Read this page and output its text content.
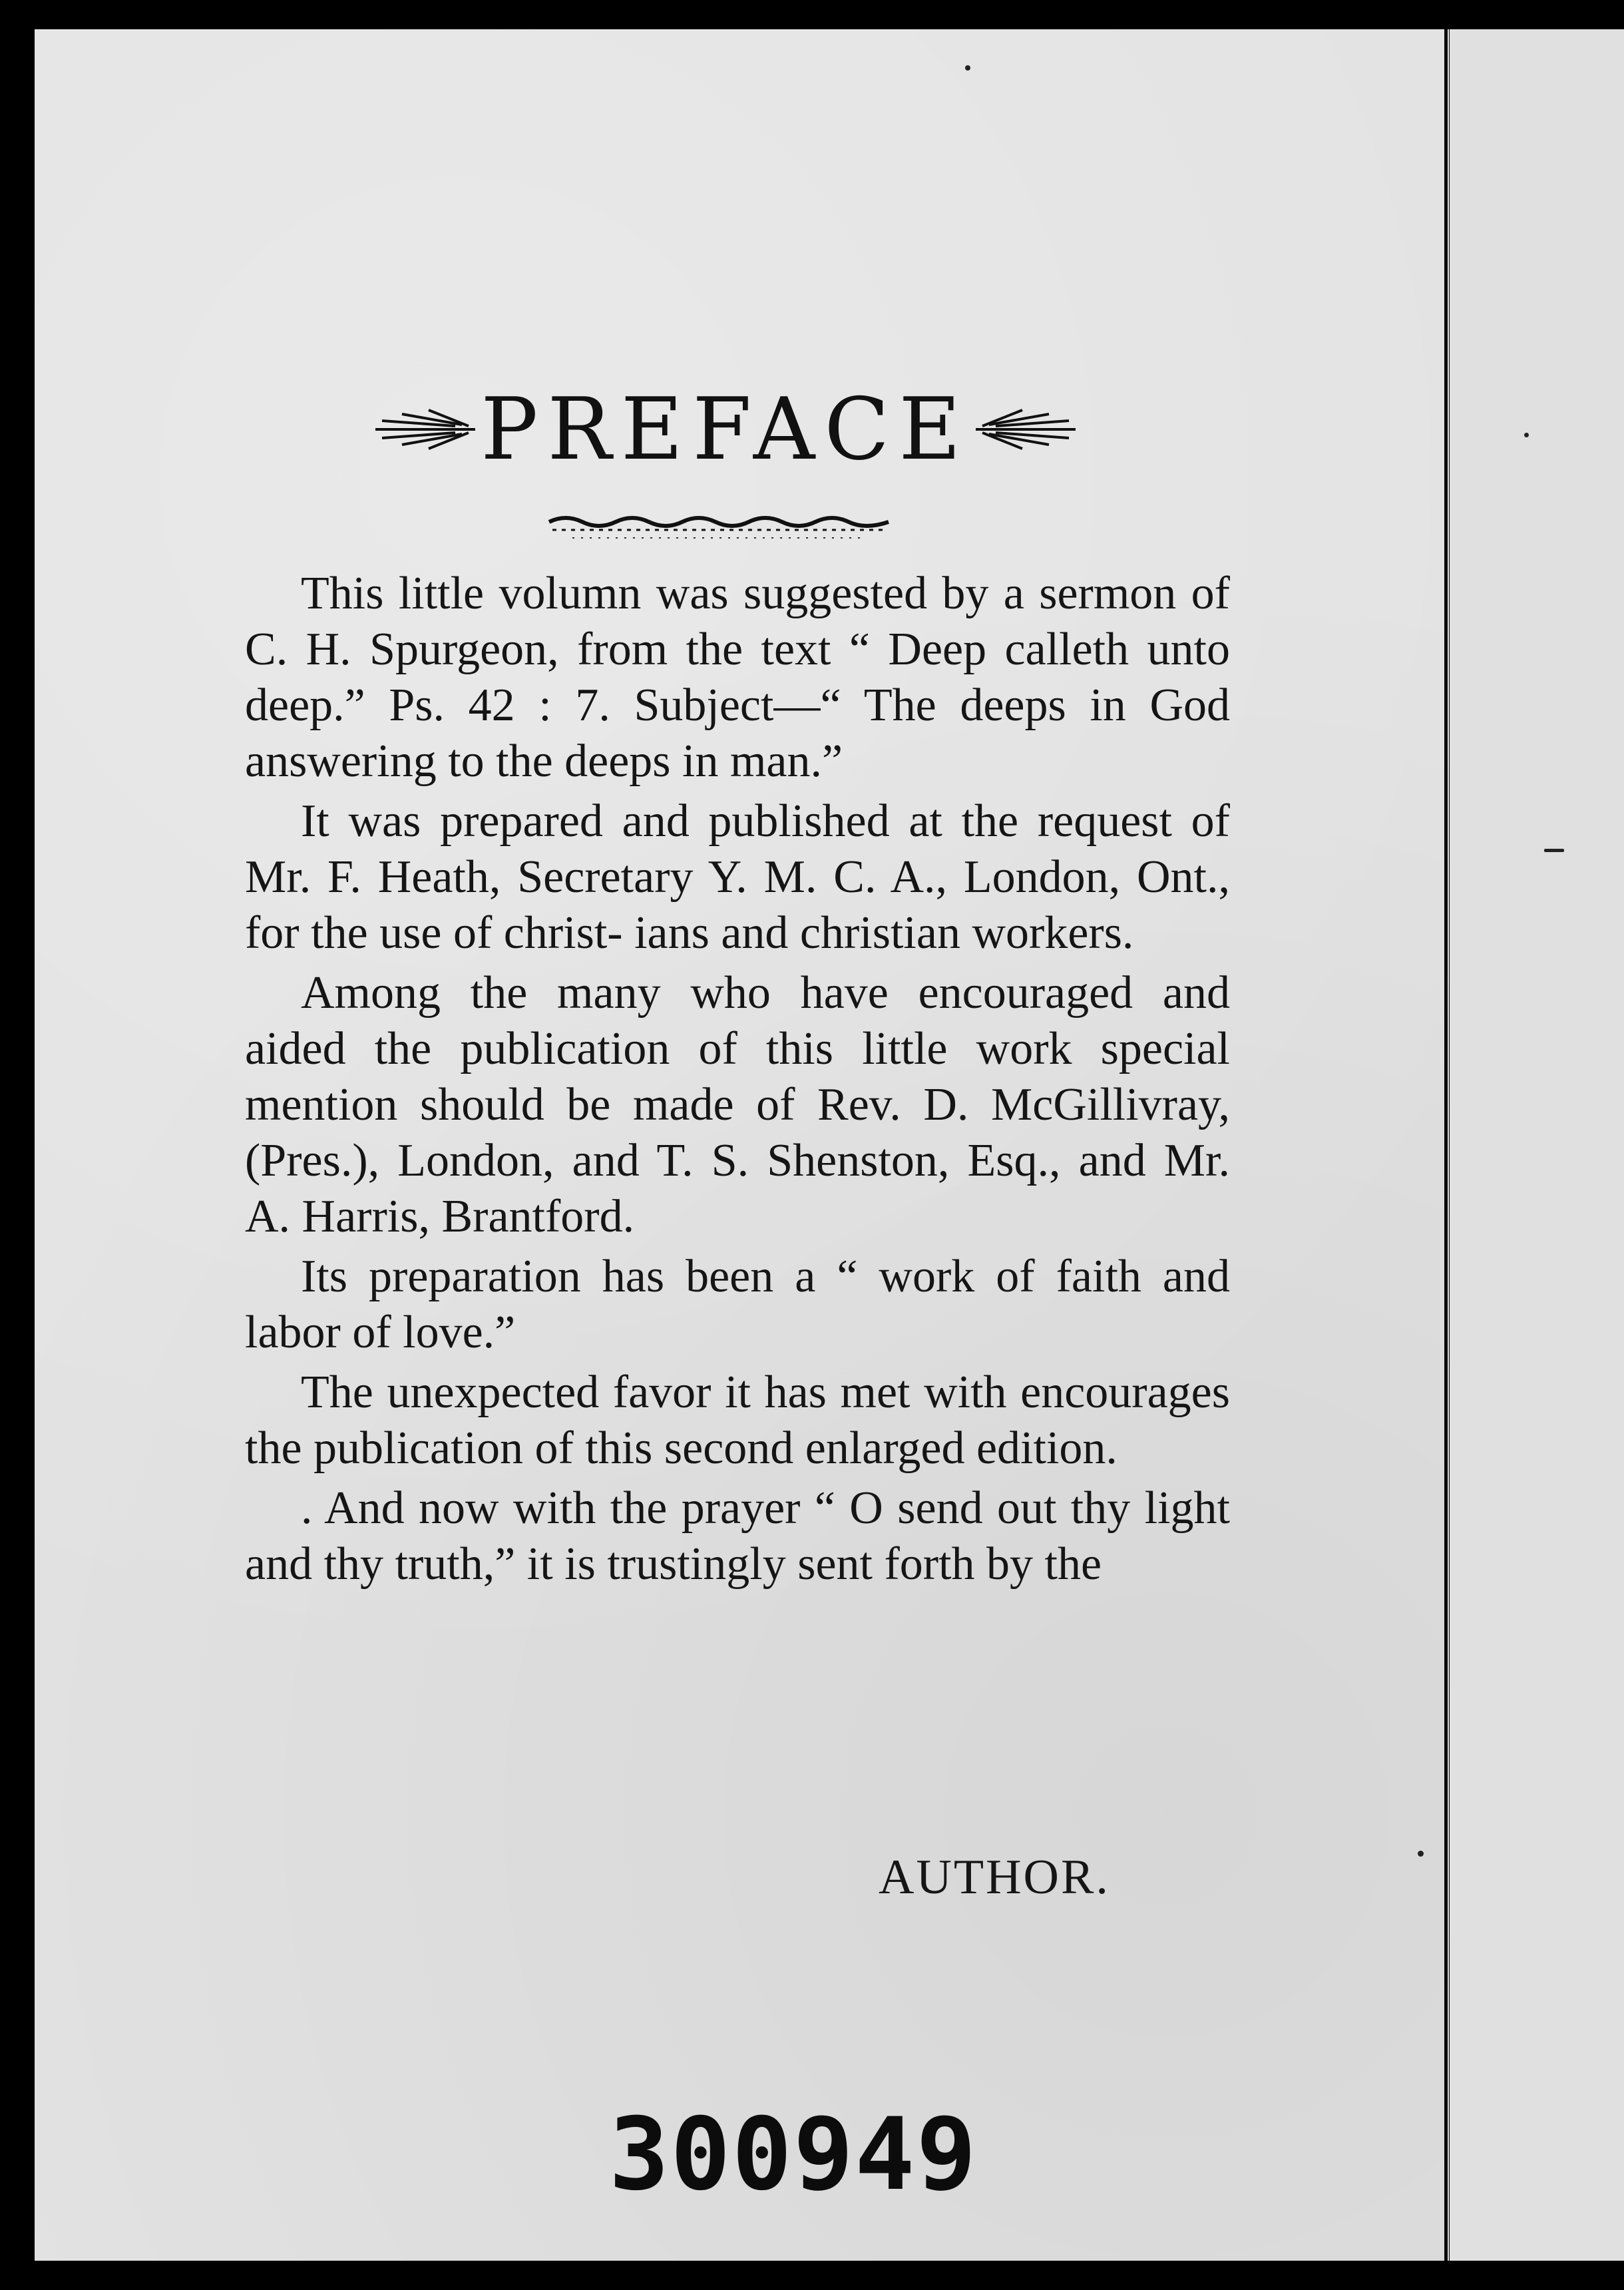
PREFACE

This little volumn was suggested by a sermon of C. H. Spurgeon, from the text “ Deep calleth unto deep.” Ps. 42 : 7. Subject—“ The deeps in God answering to the deeps in man.”

It was prepared and published at the request of Mr. F. Heath, Secretary Y. M. C. A., London, Ont., for the use of christ- ians and christian workers.

Among the many who have encouraged and aided the publication of this little work special mention should be made of Rev. D. McGillivray, (Pres.), London, and T. S. Shenston, Esq., and Mr. A. Harris, Brantford.

Its preparation has been a “ work of faith and labor of love.”

The unexpected favor it has met with encourages the publication of this second enlarged edition.

. And now with the prayer “ O send out thy light and thy truth,” it is trustingly sent forth by the

AUTHOR.
300949
